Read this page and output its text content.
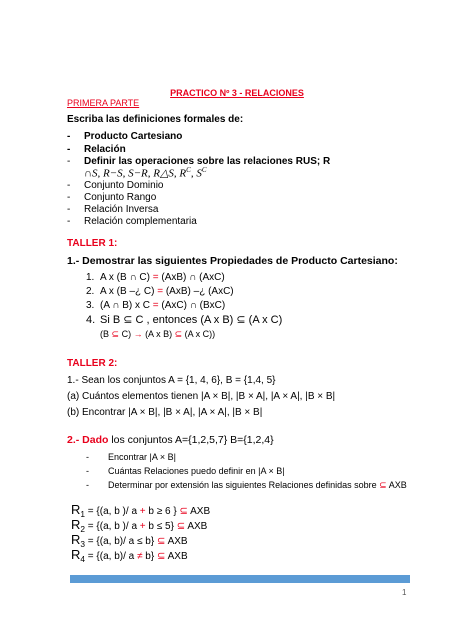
PRACTICO Nº 3 - RELACIONES
PRIMERA PARTE
Escriba las definiciones formales de:
- Producto Cartesiano
- Relación
- Definir las operaciones sobre las relaciones RUS; R
∩S, R−S, S−R, R△S, $R^C$, $S^C$
- Conjunto Dominio
- Conjunto Rango
- Relación Inversa
- Relación complementaria
TALLER 1:
1.- Demostrar las siguientes Propiedades de Producto Cartesiano:
1. A x (B ∩ C) = (AxB) ∩ (AxC)
2. A x (B –¿ C) = (AxB) –¿ (AxC)
3. (A ∩ B) x C = (AxC) ∩ (BxC)
4. Si B ⊆ C , entonces (A x B) ⊆ (A x C)
(B ⊆ C) → (A x B) ⊆ (A x C))
TALLER 2:
1.- Sean los conjuntos A = {1, 4, 6}, B = {1,4, 5}
(a) Cuántos elementos tienen |A × B|, |B × A|, |A × A|, |B × B|
(b) Encontrar |A × B|, |B × A|, |A × A|, |B × B|
2.- Dado los conjuntos A={1,2,5,7} B={1,2,4}
- Encontrar |A × B|
- Cuántas Relaciones puedo definir en |A × B|
- Determinar por extensión las siguientes Relaciones definidas sobre ⊆ AXB
$R_1 = \{(a$, b )/ a + b ≥ 6 } ⊆ AXB
$R_2 = \{(a$, b )/ a + b ≤ 5} ⊆ AXB
$R_3 = \{(a$, b)/ a ≤ b} ⊆ AXB
$R_4 = \{(a$, b)/ a ≠ b} ⊆ AXB
1
